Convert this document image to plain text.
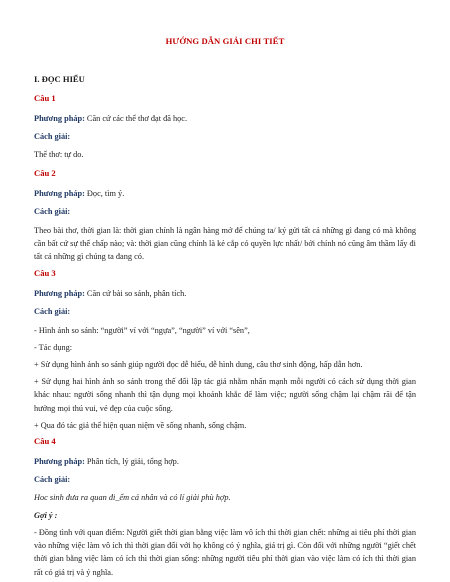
HƯỚNG DẪN GIẢI CHI TIẾT
I. ĐỌC HIỂU
Câu 1
Phương pháp: Căn cứ các thể thơ đạt đã học.
Cách giải:
Thể thơ: tự do.
Câu 2
Phương pháp: Đọc, tìm ý.
Cách giải:
Theo bài thơ, thời gian là: thời gian chính là ngân hàng mở để chúng ta/ ký gửi tất cả những gì đang có mà không cần bất cứ sự thế chấp nào; và: thời gian cũng chính là kẻ cắp có quyền lực nhất/ bởi chính nó cũng âm thầm lấy đi tất cả những gì chúng ta đang có.
Câu 3
Phương pháp: Căn cứ bài so sánh, phân tích.
Cách giải:
- Hình ảnh so sánh: “người” ví với “ngựa”, “người” ví với “sên”,
- Tác dụng:
+ Sử dụng hình ảnh so sánh giúp người đọc dễ hiểu, dễ hình dung, câu thơ sinh động, hấp dẫn hơn.
+ Sử dụng hai hình ảnh so sánh trong thế đối lập tác giả nhằm nhấn mạnh mỗi người có cách sử dụng thời gian khác nhau: người sống nhanh thì tận dụng mọi khoảnh khắc để làm việc; người sống chậm lại chậm rãi để tận hưởng mọi thú vui, vẻ đẹp của cuộc sống.
+ Qua đó tác giả thể hiện quan niệm về sống nhanh, sống chậm.
Câu 4
Phương pháp: Phân tích, lý giải, tổng hợp.
Cách giải:
Hoc sinh đưa ra quan đi_ểm cá nhân và có lí giải phù hợp.
Gợi ý :
- Đồng tình với quan điểm: Người giết thời gian bằng việc làm vô ích thì thời gian chết: những ai tiêu phí thời gian vào những việc làm vô ích thì thời gian đối với họ không có ý nghĩa, giá trị gì. Còn đối với những người “giết chết thời gian bằng việc làm có ích thì thời gian sống: những người tiêu phí thời gian vào việc làm có ích thì thời gian rất có giá trị và ý nghĩa.
